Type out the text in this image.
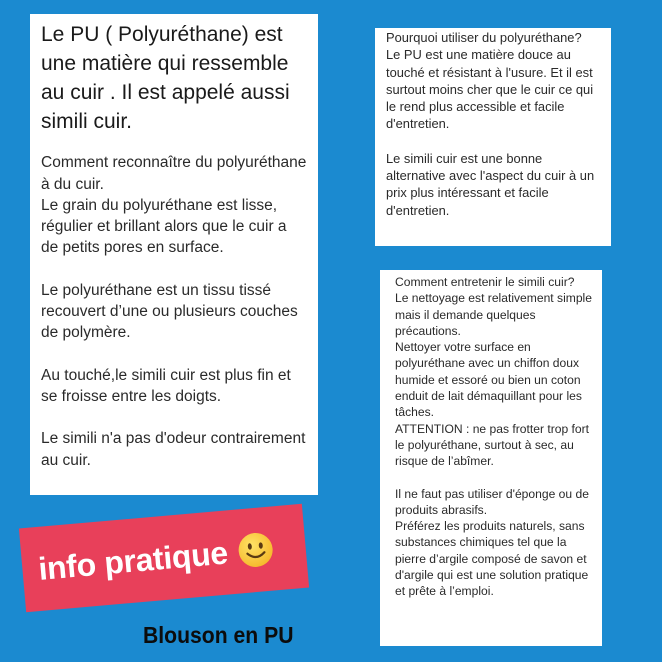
Le PU ( Polyuréthane) est une matière qui ressemble au cuir . Il est appelé aussi simili cuir.

Comment reconnaître du polyuréthane à du cuir.
Le grain du polyuréthane est lisse, régulier et brillant alors que le cuir a de petits pores en surface.

Le polyuréthane est un tissu tissé recouvert d’une ou plusieurs couches de polymère.

Au touché,le simili cuir est plus fin et se froisse entre les doigts.

Le simili n'a pas d'odeur contrairement au cuir.

Pourquoi utiliser du polyuréthane?
Le PU est une matière douce au touché et résistant à l'usure. Et il est surtout moins cher que le cuir ce qui le rend plus accessible et facile d'entretien.

Le simili cuir est une bonne alternative avec l'aspect du cuir à un prix plus intéressant et facile d'entretien.

Comment entretenir le simili cuir?
Le nettoyage est relativement simple mais il demande quelques précautions.
Nettoyer votre surface en polyuréthane avec un chiffon doux humide et essoré ou bien un coton enduit de lait démaquillant pour les tâches.
ATTENTION : ne pas frotter trop fort le polyuréthane, surtout à sec, au risque de l’abîmer.

Il ne faut pas utiliser d'éponge ou de produits abrasifs.
Préférez les produits naturels, sans substances chimiques tel que la pierre d’argile composé de savon et d'argile qui est une solution pratique et prête à l’emploi.

info pratique
Blouson en PU
